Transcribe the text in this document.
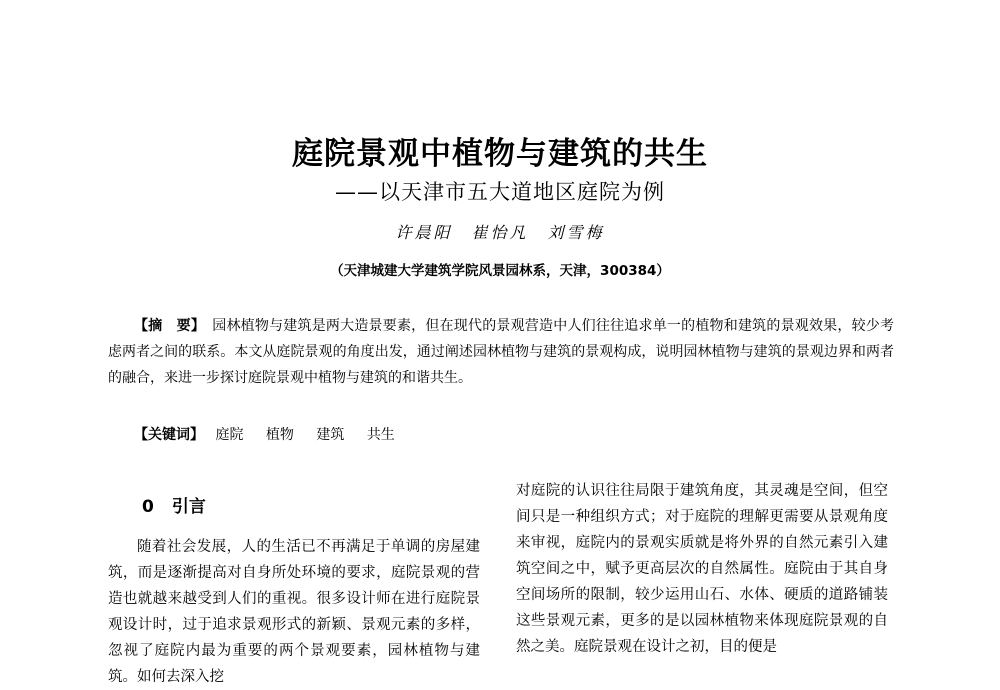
庭院景观中植物与建筑的共生
——以天津市五大道地区庭院为例
许晨阳　崔怡凡　刘雪梅
（天津城建大学建筑学院风景园林系，天津，300384）
【摘　要】　 园林植物与建筑是两大造景要素，但在现代的景观营造中人们往往追求单一的植物和建筑的景观效果，较少考虑两者之间的联系。本文从庭院景观的角度出发，通过阐述园林植物与建筑的景观构成，说明园林植物与建筑的景观边界和两者的融合，来进一步探讨庭院景观中植物与建筑的和谐共生。
【关键词】　 庭院 植物 建筑 共生
0 引言

随着社会发展，人的生活已不再满足于单调的房屋建筑，而是逐渐提高对自身所处环境的要求，庭院景观的营造也就越来越受到人们的重视。很多设计师在进行庭院景观设计时，过于追求景观形式的新颖、景观元素的多样，忽视了庭院内最为重要的两个景观要素，园林植物与建筑。如何去深入挖

对庭院的认识往往局限于建筑角度，其灵魂是空间，但空间只是一种组织方式；对于庭院的理解更需要从景观角度来审视，庭院内的景观实质就是将外界的自然元素引入建筑空间之中，赋予更高层次的自然属性。庭院由于其自身空间场所的限制，较少运用山石、水体、硬质的道路铺装这些景观元素，更多的是以园林植物来体现庭院景观的自然之美。庭院景观在设计之初，目的便是
